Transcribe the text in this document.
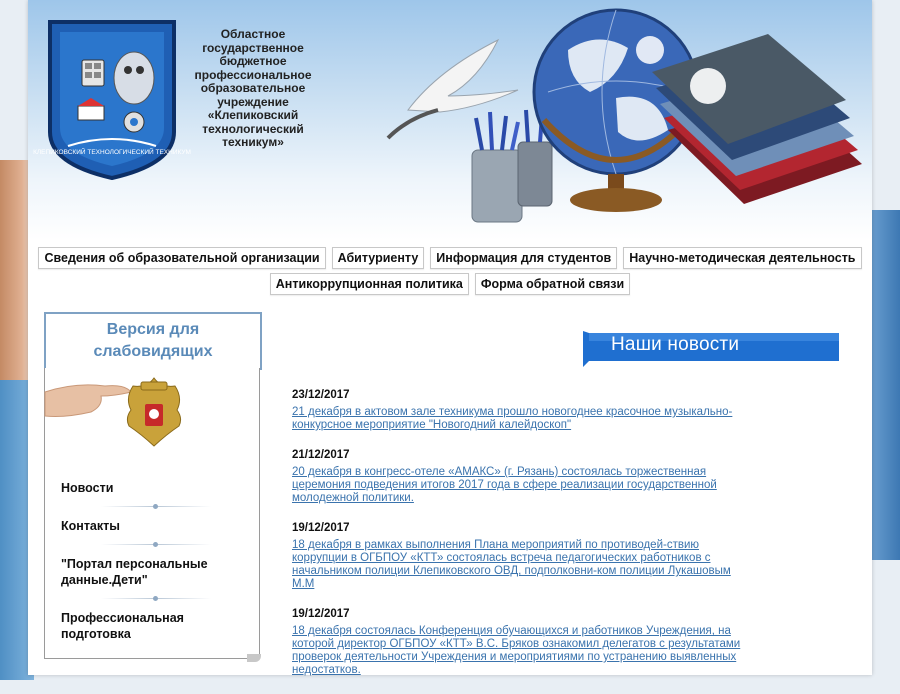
КЛЕПИКОВСКИЙ ТЕХНОЛОГИЧЕСКИЙ ТЕХНИКУМ
Областное государственное бюджетное профессиональное образовательное учреждение «Клепиковский технологический техникум»
Сведения об образовательной организации	Абитуриенту	Информация для студентов	Научно-методическая деятельность
Антикоррупционная политика	Форма обратной связи
Версия для слабовидящих
Новости
Контакты
"Портал персональные данные.Дети"
Профессиональная подготовка
Наши новости
23/12/2017
21 декабря в актовом зале техникума прошло новогоднее красочное музыкально-конкурсное мероприятие "Новогодний калейдоскоп"
21/12/2017
20 декабря в конгресс-отеле «АМАКС» (г. Рязань) состоялась торжественная церемония подведения итогов 2017 года в сфере реализации государственной молодежной политики.
19/12/2017
18 декабря в рамках выполнения Плана мероприятий по противодей-ствию коррупции в ОГБПОУ «КТТ» состоялась встреча педагогических работников с начальником полиции Клепиковского ОВД, подполковни-ком полиции Лукашовым М.М
19/12/2017
18 декабря состоялась Конференция обучающихся и работников Учреждения, на которой директор ОГБПОУ «КТТ» В.С. Бряков ознакомил делегатов с результатами проверок деятельности Учреждения и мероприятиями по устранению выявленных недостатков.
